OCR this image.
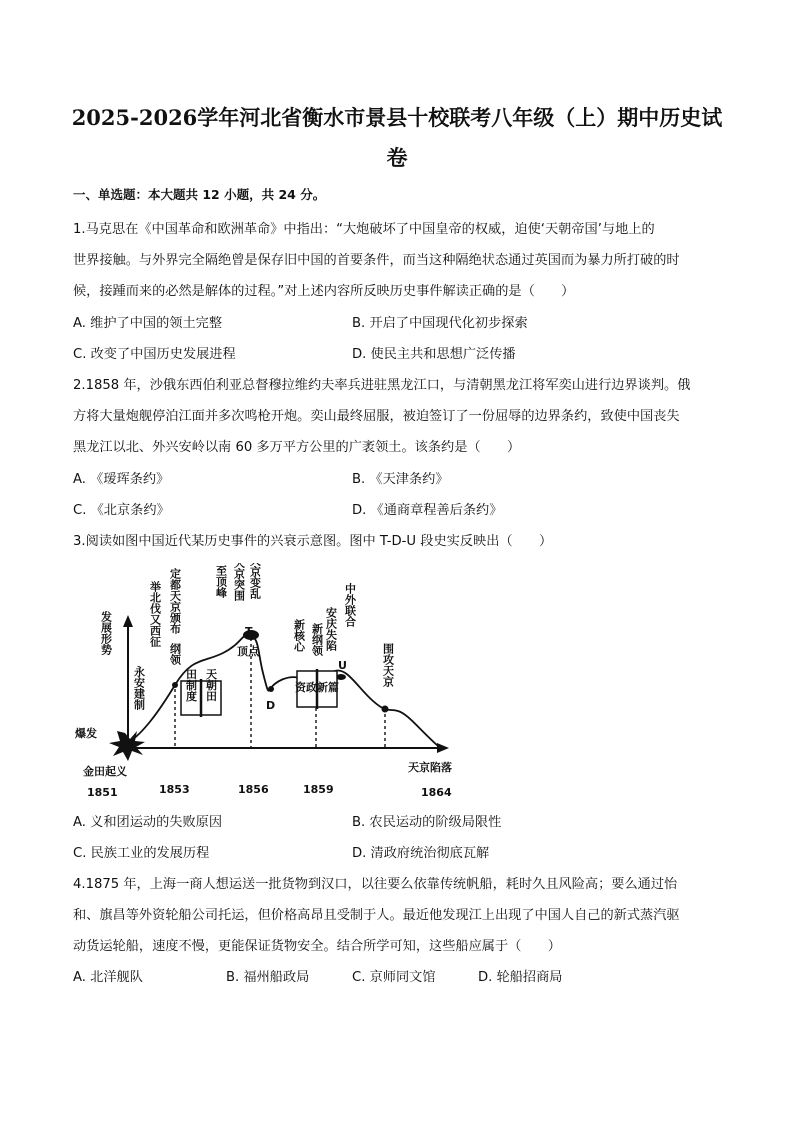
2025-2026学年河北省衡水市景县十校联考八年级（上）期中历史试
卷
一、单选题：本大题共 12 小题，共 24 分。
1.马克思在《中国革命和欧洲革命》中指出：“大炮破坏了中国皇帝的权威，迫使‘天朝帝国’与地上的
世界接触。与外界完全隔绝曾是保存旧中国的首要条件，而当这种隔绝状态通过英国而为暴力所打破的时
候，接踵而来的必然是解体的过程。”对上述内容所反映历史事件解读正确的是（　　）
A. 维护了中国的领土完整	B. 开启了中国现代化初步探索
C. 改变了中国历史发展进程	D. 使民主共和思想广泛传播
2.1858 年，沙俄东西伯利亚总督穆拉维约夫率兵进驻黑龙江口，与清朝黑龙江将军奕山进行边界谈判。俄
方将大量炮舰停泊江面并多次鸣枪开炮。奕山最终屈服，被迫签订了一份屈辱的边界条约，致使中国丧失
黑龙江以北、外兴安岭以南 60 多万平方公里的广袤领土。该条约是（　　）
A. 《瑷珲条约》	B. 《天津条约》
C. 《北京条约》	D. 《通商章程善后条约》
3.阅读如图中国近代某历史事件的兴衰示意图。图中 T-D-U 段史实反映出（　　）
田制度 天朝田	资政新篇
永安建制
举北伐又西征 定都天京颁布
纲领
至顶峰 天京突围 天京变乱
T
顶点
D
新核心 新纲领 安庆失陷
中外联合
U	围攻天京
发展形势
爆发
金田起义	天京陷落
1851	1853	1856	1859	1864
A. 义和团运动的失败原因	B. 农民运动的阶级局限性
C. 民族工业的发展历程	D. 清政府统治彻底瓦解
4.1875 年，上海一商人想运送一批货物到汉口，以往要么依靠传统帆船，耗时久且风险高；要么通过怡
和、旗昌等外资轮船公司托运，但价格高昂且受制于人。最近他发现江上出现了中国人自己的新式蒸汽驱
动货运轮船，速度不慢，更能保证货物安全。结合所学可知，这些船应属于（　　）
A. 北洋舰队	B. 福州船政局	C. 京师同文馆	D. 轮船招商局
